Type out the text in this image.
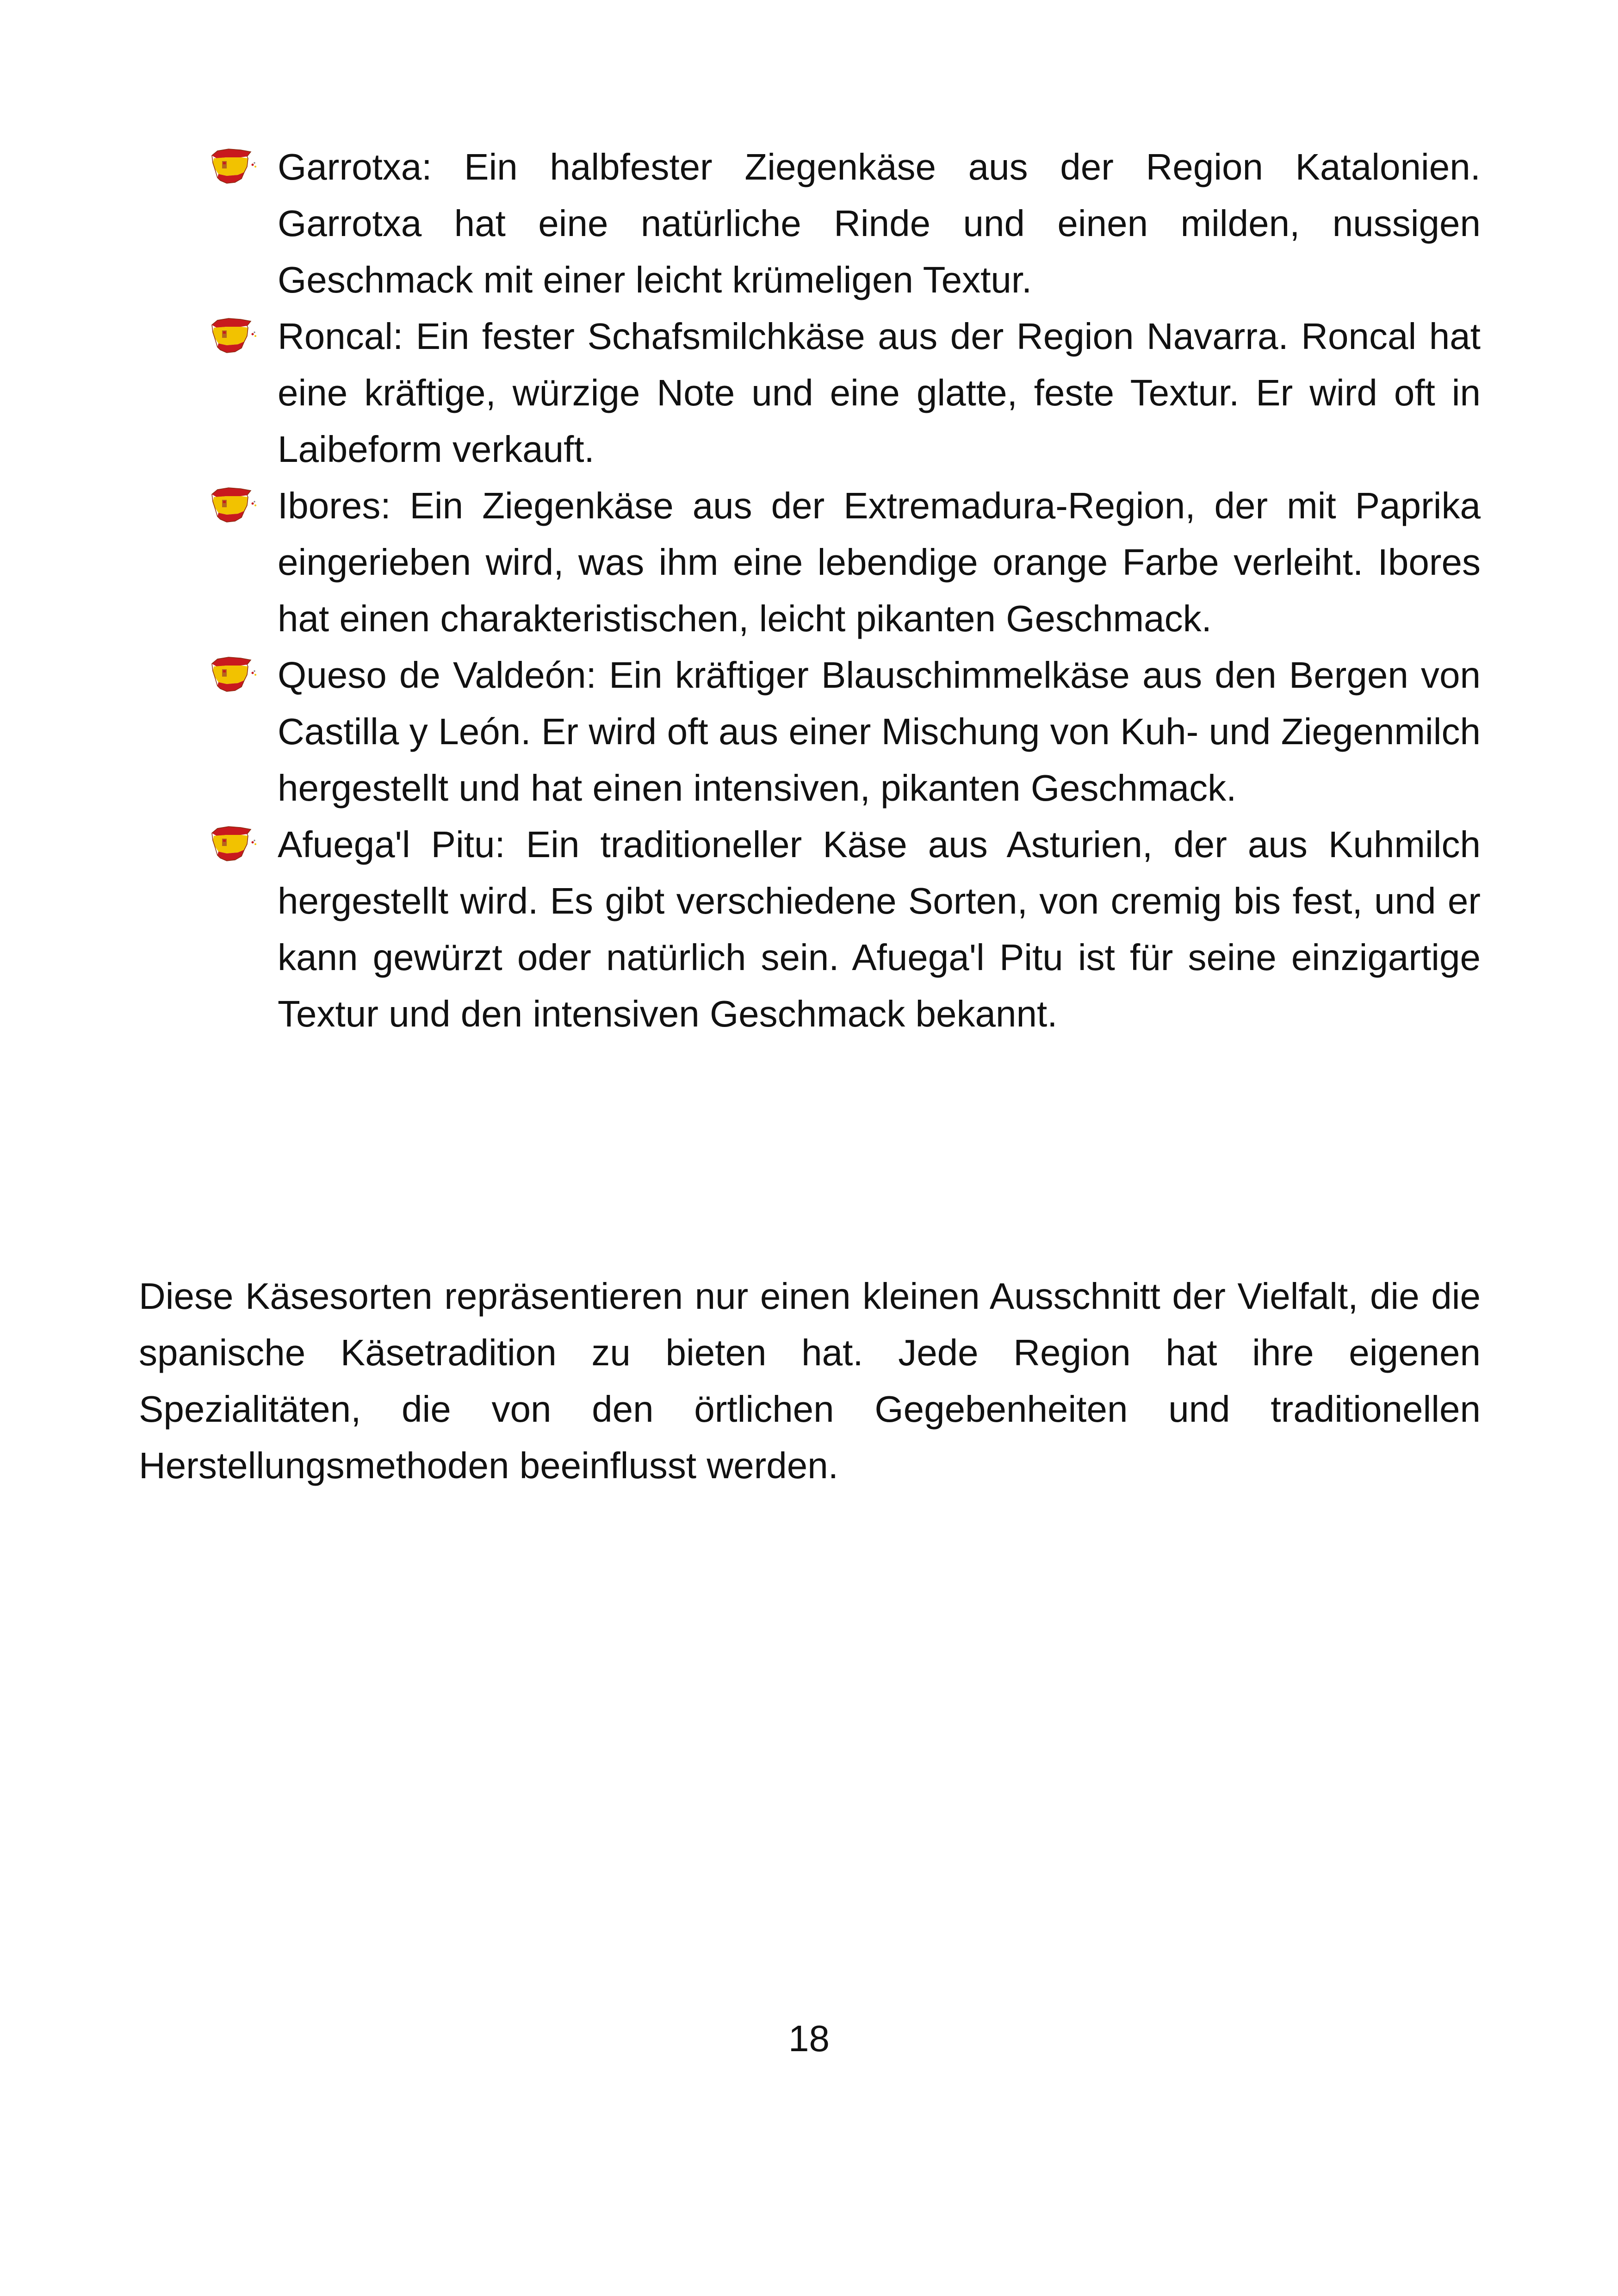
Garrotxa: Ein halbfester Ziegenkäse aus der Region Katalonien. Garrotxa hat eine natürliche Rinde und einen milden, nussigen Geschmack mit einer leicht krümeligen Textur.
Roncal: Ein fester Schafsmilchkäse aus der Region Navarra. Roncal hat eine kräftige, würzige Note und eine glatte, feste Textur. Er wird oft in Laibeform verkauft.
Ibores: Ein Ziegenkäse aus der Extremadura-Region, der mit Paprika eingerieben wird, was ihm eine lebendige orange Farbe verleiht. Ibores hat einen charakteristischen, leicht pikanten Geschmack.
Queso de Valdeón: Ein kräftiger Blauschimmelkäse aus den Bergen von Castilla y León. Er wird oft aus einer Mischung von Kuh- und Ziegenmilch hergestellt und hat einen intensiven, pikanten Geschmack.
Afuega'l Pitu: Ein traditioneller Käse aus Asturien, der aus Kuhmilch hergestellt wird. Es gibt verschiedene Sorten, von cremig bis fest, und er kann gewürzt oder natürlich sein. Afuega'l Pitu ist für seine einzigartige Textur und den intensiven Geschmack bekannt.

Diese Käsesorten repräsentieren nur einen kleinen Ausschnitt der Vielfalt, die die spanische Käsetradition zu bieten hat. Jede Region hat ihre eigenen Spezialitäten, die von den örtlichen Gegebenheiten und traditionellen Herstellungsmethoden beeinflusst werden.

18
